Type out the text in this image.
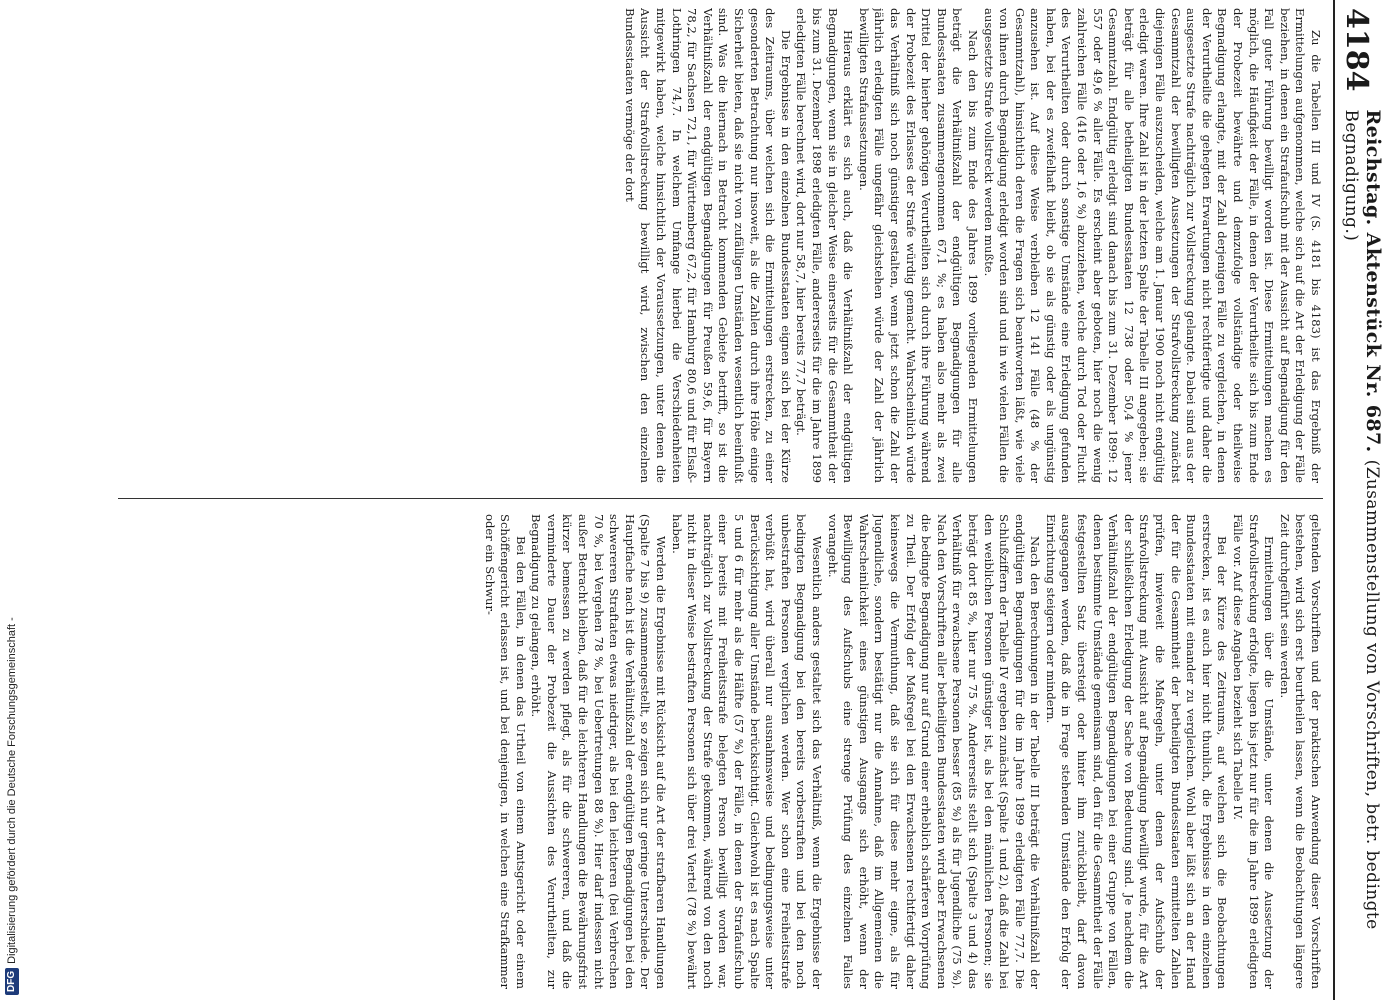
DFG
Digitalisierung gefördert durch die Deutsche Forschungsgemeinschaft -
4184
Reichstag. Aktenstück Nr. 687. (Zusammenstellung von Vorschriften, betr. bedingte Begnadigung.)

Zu die Tabellen III und IV (S. 4181 bis 4183) ist das Ergebniß der Ermittelungen aufgenommen, welche sich auf die Art der Erledigung der Fälle beziehen, in denen ein Strafaufschub mit der Aussicht auf Begnadigung für den Fall guter Führung bewilligt worden ist. Diese Ermittelungen machen es möglich, die Häufigkeit der Fälle, in denen der Verurtheilte sich bis zum Ende der Probezeit bewährte und demzufolge vollständige oder theilweise Begnadigung erlangte, mit der Zahl derjenigen Fälle zu vergleichen, in denen der Verurtheilte die gehegten Erwartungen nicht rechtfertigte und daher die ausgesetzte Strafe nachträglich zur Vollstreckung gelangte. Dabei sind aus der Gesammtzahl der bewilligten Aussetzungen der Strafvollstreckung zunächst diejenigen Fälle auszuscheiden, welche am 1. Januar 1900 noch nicht endgültig erledigt waren. Ihre Zahl ist in der letzten Spalte der Tabelle III angegeben; sie beträgt für alle betheiligten Bundesstaaten 12 738 oder 50,4 % jener Gesammtzahl. Endgültig erledigt sind danach bis zum 31. Dezember 1899: 12 557 oder 49,6 % aller Fälle. Es erscheint aber geboten, hier noch die wenig zahlreichen Fälle (416 oder 1,6 %) abzuziehen, welche durch Tod oder Flucht des Verurtheilten oder durch sonstige Umstände eine Erledigung gefunden haben, bei der es zweifelhaft bleibt, ob sie als günstig oder als ungünstig anzusehen ist. Auf diese Weise verbleiben 12 141 Fälle (48 % der Gesammtzahl), hinsichtlich deren die Fragen sich beantworten läßt, wie viele von ihnen durch Begnadigung erledigt worden sind und in wie vielen Fällen die ausgesetzte Strafe vollstreckt werden mußte.

Nach den bis zum Ende des Jahres 1899 vorliegenden Ermittelungen beträgt die Verhältnißzahl der endgültigen Begnadigungen für alle Bundesstaaten zusammengenommen 67,1 %; es haben also mehr als zwei Drittel der hierher gehörigen Verurtheilten sich durch ihre Führung während der Probezeit des Erlasses der Strafe würdig gemacht. Wahrscheinlich würde das Verhältniß sich noch günstiger gestalten, wenn jetzt schon die Zahl der jährlich erledigten Fälle ungefähr gleichstehen würde der Zahl der jährlich bewilligten Strafaussetzungen.

Hieraus erklärt es sich auch, daß die Verhältnißzahl der endgültigen Begnadigungen, wenn sie in gleicher Weise einerseits für die Gesammtheit der bis zum 31. Dezember 1898 erledigten Fälle, andererseits für die im Jahre 1899 erledigten Fälle berechnet wird, dort nur 58,7, hier bereits 77,7 beträgt.

Die Ergebnisse in den einzelnen Bundesstaaten eignen sich bei der Kürze des Zeitraums, über welchen sich die Ermittelungen erstrecken, zu einer gesonderten Betrachtung nur insoweit, als die Zahlen durch ihre Höhe einige Sicherheit bieten, daß sie nicht von zufälligen Umständen wesentlich beeinflußt sind. Was die hiernach in Betracht kommenden Gebiete betrifft, so ist die Verhältnißzahl der endgültigen Begnadigungen für Preußen 59,6, für Bayern 78,2, für Sachsen 72,1, für Württemberg 67,2, für Hamburg 80,6 und für Elsaß-Lothringen 74,7. In welchem Umfange hierbei die Verschiedenheiten mitgewirkt haben, welche hinsichtlich der Voraussetzungen, unter denen die Aussicht der Strafvollstreckung bewilligt wird, zwischen den einzelnen Bundesstaaten vermöge der dort

geltenden Vorschriften und der praktischen Anwendung dieser Vorschriften bestehen, wird sich erst beurtheilen lassen, wenn die Beobachtungen längere Zeit durchgeführt sein werden.

Ermittelungen über die Umstände, unter denen die Aussetzung der Strafvollstreckung erfolgte, liegen bis jetzt nur für die im Jahre 1899 erledigten Fälle vor. Auf diese Angaben bezieht sich Tabelle IV.

Bei der Kürze des Zeitraums, auf welchen sich die Beobachtungen erstrecken, ist es auch hier nicht thunlich, die Ergebnisse in den einzelnen Bundesstaaten mit einander zu vergleichen. Wohl aber läßt sich an der Hand der für die Gesammtheit der betheiligten Bundesstaaten ermittelten Zahlen prüfen, inwieweit die Maßregeln, unter denen der Aufschub der Strafvollstreckung mit Aussicht auf Begnadigung bewilligt wurde, für die Art der schließlichen Erledigung der Sache von Bedeutung sind. Je nachdem die Verhältnißzahl der endgültigen Begnadigungen bei einer Gruppe von Fällen, denen bestimmte Umstände gemeinsam sind, den für die Gesammtheit der Fälle festgestellten Satz übersteigt oder hinter ihm zurückbleibt, darf davon ausgegangen werden, daß die in Frage stehenden Umstände den Erfolg der Einrichtung steigern oder mindern.

Nach den Berechnungen in der Tabelle III beträgt die Verhältnißzahl der endgültigen Begnadigungen für die im Jahre 1899 erledigten Fälle 77,7. Die Schlußziffern der Tabelle IV ergeben zunächst (Spalte 1 und 2), daß die Zahl bei den weiblichen Personen günstiger ist, als bei den männlichen Personen; sie beträgt dort 85 %, hier nur 75 %. Andererseits stellt sich (Spalte 3 und 4) das Verhältniß für erwachsene Personen besser (85 %) als für Jugendliche (75 %). Nach den Vorschriften aller betheiligten Bundesstaaten wird aber Erwachsenen die bedingte Begnadigung nur auf Grund einer erheblich schärferen Vorprüfung zu Theil. Der Erfolg der Maßregel bei den Erwachsenen rechtfertigt daher keineswegs die Vermuthung, daß sie sich für diese mehr eigne, als für Jugendliche, sondern bestätigt nur die Annahme, daß im Allgemeinen die Wahrscheinlichkeit eines günstigen Ausgangs sich erhöht, wenn der Bewilligung des Aufschubs eine strenge Prüfung des einzelnen Falles vorangeht.

Wesentlich anders gestaltet sich das Verhältniß, wenn die Ergebnisse der bedingten Begnadigung bei den bereits vorbestraften und bei den noch unbestraften Personen verglichen werden. Wer schon eine Freiheitsstrafe verbüßt hat, wird überall nur ausnahmsweise und bedingungsweise unter Berücksichtigung aller Umstände berücksichtigt. Gleichwohl ist es nach Spalte 5 und 6 für mehr als die Hälfte (57 %) der Fälle, in denen der Strafaufschub einer bereits mit Freiheitsstrafe belegten Person bewilligt worden war, nachträglich zur Vollstreckung der Strafe gekommen, während von den noch nicht in dieser Weise bestraften Personen sich über drei Viertel (78 %) bewährt haben.

Werden die Ergebnisse mit Rücksicht auf die Art der strafbaren Handlungen (Spalte 7 bis 9) zusammengestellt, so zeigen sich nur geringe Unterschiede. Der Hauptfache nach ist die Verhältnißzahl der endgültigen Begnadigungen bei den schwereren Straftaten etwas niedriger, als bei den leichteren (bei Verbrechen 70 %, bei Vergehen 78 %, bei Uebertretungen 88 %). Hier darf indessen nicht außer Betracht bleiben, daß für die leichteren Handlungen die Bewährungsfrist kürzer bemessen zu werden pflegt, als für die schwereren, und daß die verminderte Dauer der Probezeit die Aussichten des Verurtheilten, zur Begnadigung zu gelangen, erhöht.

Bei den Fällen, in denen das Urtheil von einem Amtsgericht oder einem Schöffengericht erlassen ist, und bei denjenigen, in welchen eine Strafkammer oder ein Schwur-
